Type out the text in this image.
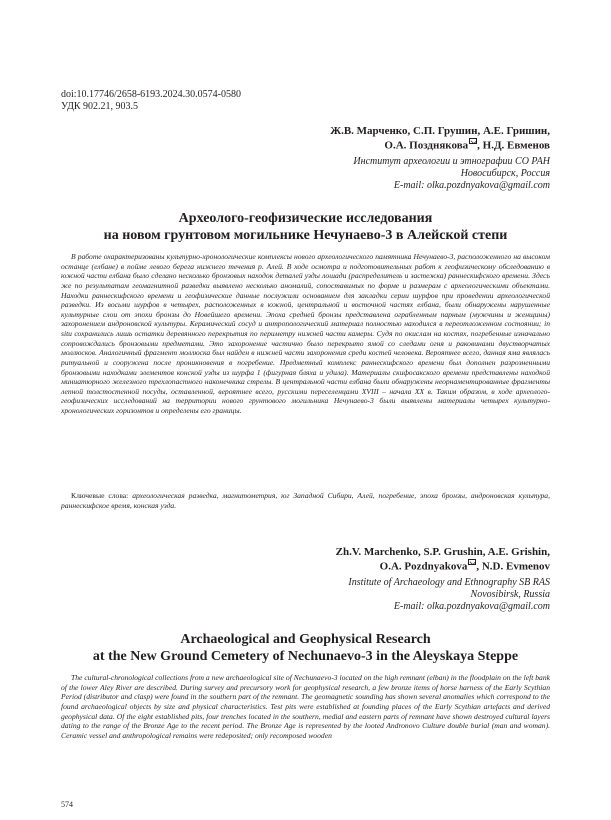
doi:10.17746/2658-6193.2024.30.0574-0580
УДК 902.21, 903.5
Ж.В. Марченко, С.П. Грушин, А.Е. Гришин,
О.А. Позднякова , Н.Д. Евменов
Институт археологии и этнографии СО РАН
Новосибирск, Россия
E-mail: olka.pozdnyakova@gmail.com
Археолого-геофизические исследования
на новом грунтовом могильнике Нечунаево-3 в Алейской степи

В работе охарактеризованы культурно-хронологические комплексы нового археологического памятника Нечунаево-3, расположенного на высоком останце (елбане) в пойме левого берега нижнего течения р. Алей. В ходе осмотра и подготовительных работ к геофизическому обследованию в южной части елбана было сделано несколько бронзовых находок деталей узды лошади (распределитель и застежка) раннескифского времени. Здесь же по результатам геомагнитной разведки выявлено несколько аномалий, сопоставимых по форме и размерам с археологическими объектами. Находки раннескифского времени и геофизические данные послужили основанием для закладки серии шурфов при проведении археологической разведки. Из восьми шурфов в четырех, расположенных в южной, центральной и восточной частях елбана, были обнаружены нарушенные культурные слои от эпохи бронзы до Новейшего времени. Эпоха средней бронзы представлена ограбленным парным (мужчины и женщины) захоронением андроновской культуры. Керамический сосуд и антропологический материал полностью находился в переотложенном состоянии; in situ сохранились лишь остатки деревянного перекрытия по периметру нижней части камеры. Судя по окислам на костях, погребенные изначально сопровождались бронзовыми предметами. Это захоронение частично было перекрыто ямой со следами огня и раковинами двустворчатых моллюсков. Аналогичный фрагмент моллюска был найден в нижней части захоронения среди костей человека. Вероятнее всего, данная яма являлась ритуальной и сооружена после проникновения в погребение. Предметный комплекс раннескифского времени был дополнен разрозненными бронзовыми находками элементов конской узды из шурфа 1 (фигурная бляха и удила). Материалы скифосакского времени представлены находкой миниатюрного железного трехлопастного наконечника стрелы. В центральной части елбана были обнаружены неорнаментированные фрагменты лепной толстостенной посуды, оставленной, вероятнее всего, русскими переселенцами XVIII – начала XX в. Таким образом, в ходе археолого-геофизических исследований на территории нового грунтового могильника Нечунаево-3 были выявлены материалы четырех культурно-хронологических горизонтов и определены его границы.

Ключевые слова: археологическая разведка, магнитометрия, юг Западной Сибири, Алей, погребение, эпоха бронзы, андроновская культура, раннескифское время, конская узда.

Zh.V. Marchenko, S.P. Grushin, A.E. Grishin,
O.A. Pozdnyakova , N.D. Evmenov
Institute of Archaeology and Ethnography SB RAS
Novosibirsk, Russia
E-mail: olka.pozdnyakova@gmail.com
Archaeological and Geophysical Research
at the New Ground Cemetery of Nechunaevo-3 in the Aleyskaya Steppe

The cultural-chronological collections from a new archaeological site of Nechunaevo-3 located on the high remnant (elban) in the floodplain on the left bank of the lower Aley River are described. During survey and precursory work for geophysical research, a few bronze items of horse harness of the Early Scythian Period (distributor and clasp) were found in the southern part of the remnant. The geomagnetic sounding has shown several anomalies which correspond to the found archaeological objects by size and physical characteristics. Test pits were established at founding places of the Early Scythian artefacts and derived geophysical data. Of the eight established pits, four trenches located in the southern, medial and eastern parts of remnant have shown destroyed cultural layers dating to the range of the Bronze Age to the recent period. The Bronze Age is represented by the looted Andronovo Culture double burial (man and woman). Ceramic vessel and anthropological remains were redeposited; only recomposed wooden

574
